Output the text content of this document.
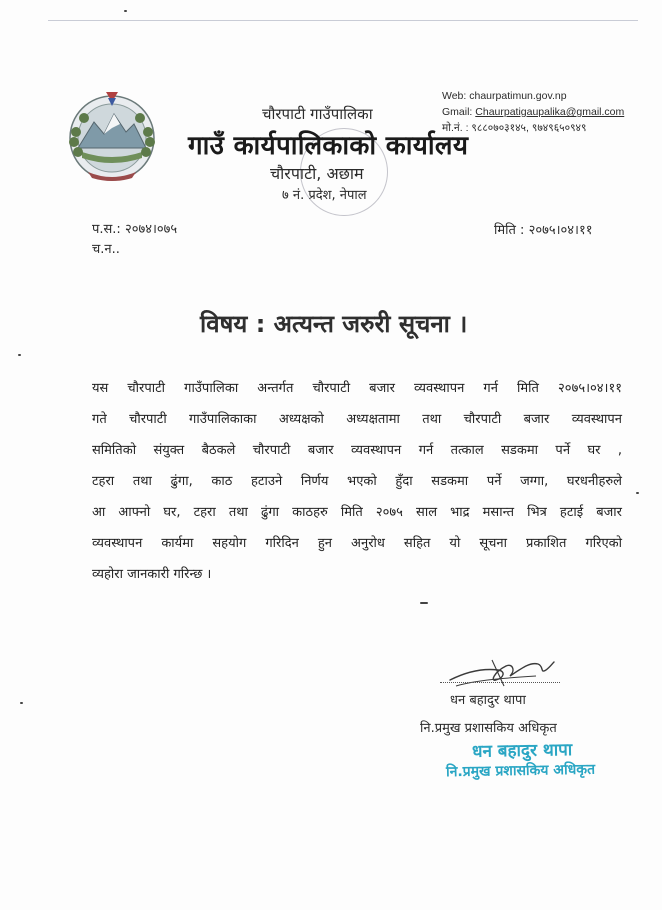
चौरपाटी गाउँपालिका
गाउँ कार्यपालिकाको कार्यालय
चौरपाटी, अछाम
७ नं. प्रदेश, नेपाल
Web: chaurpatimun.gov.np
Gmail: Chaurpatigaupalika@gmail.com
मो.नं. : ९८८०७०३१४५, ९७४९६५०९४९
प.स.: २०७४।०७५
च.न..
मिति : २०७५।०४।११
विषय : अत्यन्त जरुरी सूचना ।
यस चौरपाटी गाउँपालिका अन्तर्गत चौरपाटी बजार व्यवस्थापन गर्न मिति २०७५।०४।११
गते चौरपाटी गाउँपालिकाका अध्यक्षको अध्यक्षतामा तथा चौरपाटी बजार व्यवस्थापन
समितिको संयुक्त बैठकले चौरपाटी बजार व्यवस्थापन गर्न तत्काल सडकमा पर्ने घर ,
टहरा तथा ढुंगा, काठ हटाउने निर्णय भएको हुँदा सडकमा पर्ने जग्गा, घरधनीहरुले
आ आफ्नो घर, टहरा तथा ढुंगा काठहरु मिति २०७५ साल भाद्र मसान्त भित्र हटाई बजार
व्यवस्थापन कार्यमा सहयोग गरिदिन हुन अनुरोध सहित यो सूचना प्रकाशित गरिएको
व्यहोरा जानकारी गरिन्छ ।
धन बहादुर थापा
नि.प्रमुख प्रशासकिय अधिकृत
धन बहादुर थापा
नि.प्रमुख प्रशासकिय अधिकृत
